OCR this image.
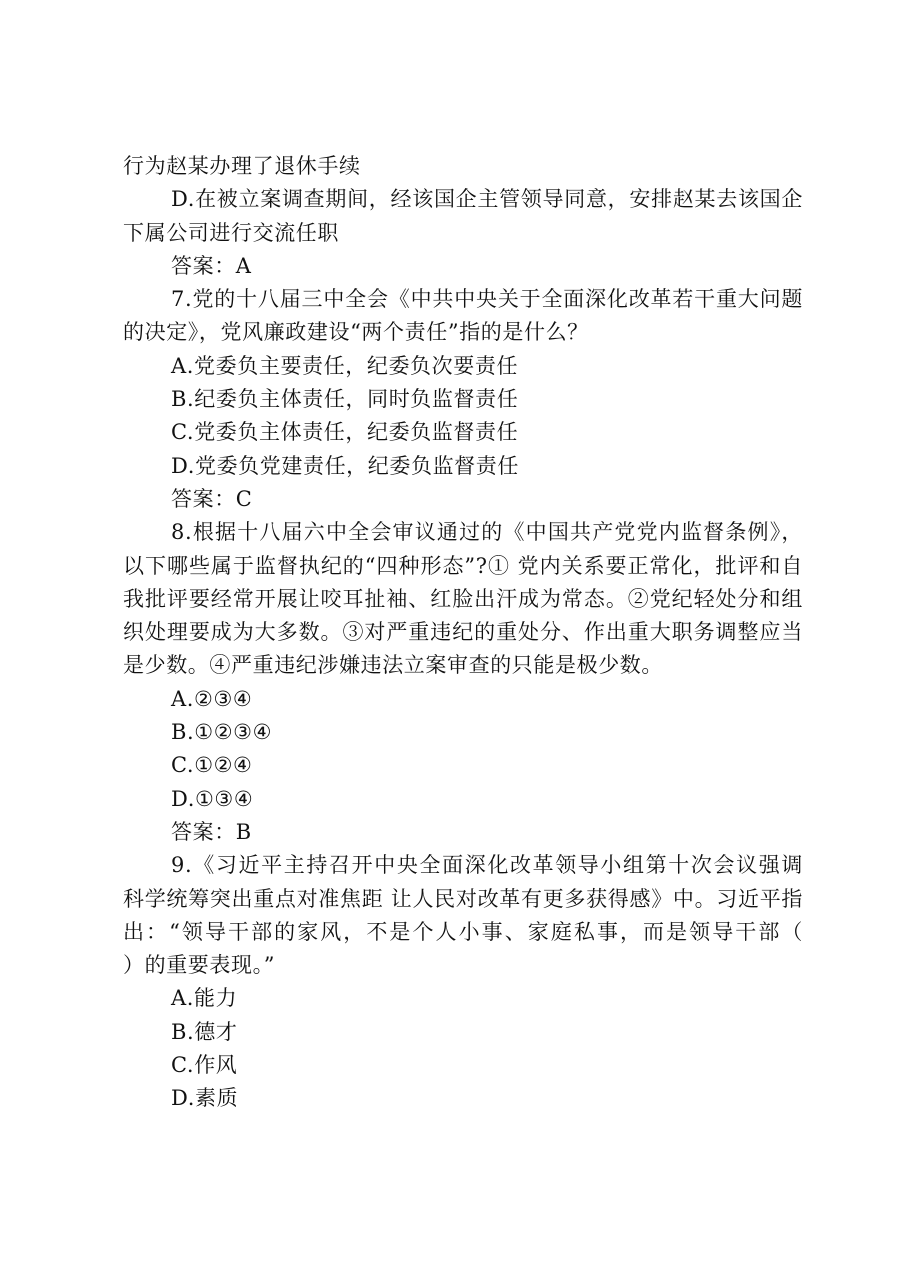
行为赵某办理了退休手续

D.在被立案调查期间，经该国企主管领导同意，安排赵某去该国企下属公司进行交流任职

答案：A

7.党的十八届三中全会《中共中央关于全面深化改革若干重大问题的决定》，党风廉政建设“两个责任”指的是什么？

A.党委负主要责任，纪委负次要责任

B.纪委负主体责任，同时负监督责任

C.党委负主体责任，纪委负监督责任

D.党委负党建责任，纪委负监督责任

答案：C

8.根据十八届六中全会审议通过的《中国共产党党内监督条例》，以下哪些属于监督执纪的“四种形态”?① 党内关系要正常化，批评和自我批评要经常开展让咬耳扯袖、红脸出汗成为常态。②党纪轻处分和组织处理要成为大多数。③对严重违纪的重处分、作出重大职务调整应当是少数。④严重违纪涉嫌违法立案审查的只能是极少数。

A.②③④

B.①②③④

C.①②④

D.①③④

答案：B

9.《习近平主持召开中央全面深化改革领导小组第十次会议强调 科学统筹突出重点对准焦距 让人民对改革有更多获得感》中。习近平指出：“领导干部的家风，不是个人小事、家庭私事，而是领导干部（　　）的重要表现。”

A.能力

B.德才

C.作风

D.素质
